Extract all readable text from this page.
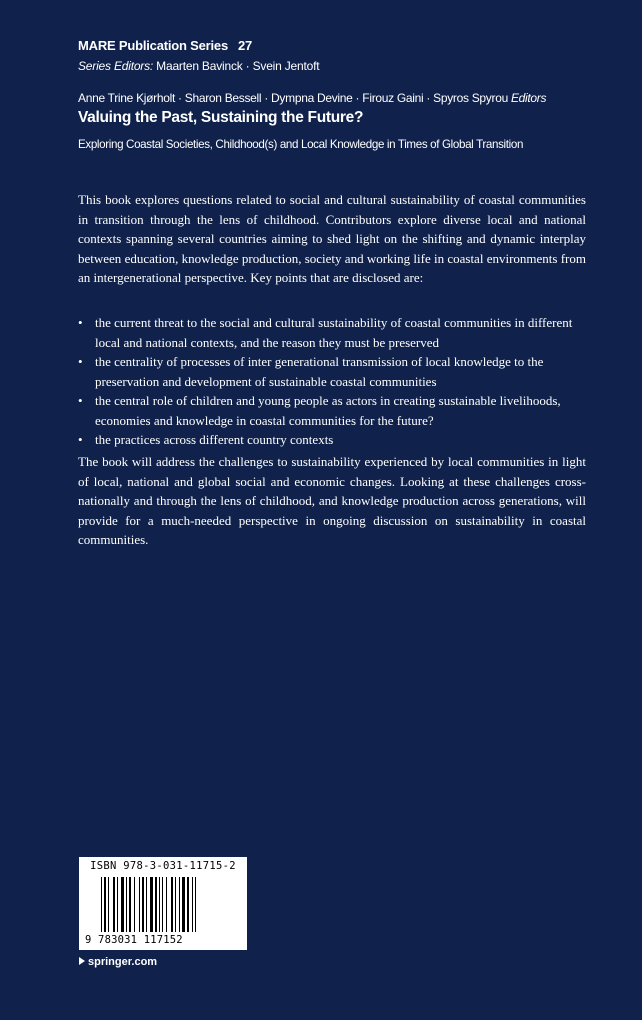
MARE Publication Series 27
Series Editors: Maarten Bavinck · Svein Jentoft
Anne Trine Kjørholt · Sharon Bessell · Dympna Devine · Firouz Gaini · Spyros Spyrou Editors
Valuing the Past, Sustaining the Future?
Exploring Coastal Societies, Childhood(s) and Local Knowledge in Times of Global Transition
This book explores questions related to social and cultural sustainability of coastal communities in transition through the lens of childhood. Contributors explore diverse local and national contexts spanning several countries aiming to shed light on the shifting and dynamic interplay between education, knowledge production, society and working life in coastal environments from an intergenerational perspective. Key points that are disclosed are:
• the current threat to the social and cultural sustainability of coastal communities in different local and national contexts, and the reason they must be preserved
• the centrality of processes of inter generational transmission of local knowledge to the preservation and development of sustainable coastal communities
• the central role of children and young people as actors in creating sustainable livelihoods, economies and knowledge in coastal communities for the future?
• the practices across different country contexts
The book will address the challenges to sustainability experienced by local communities in light of local, national and global social and economic changes. Looking at these challenges cross-nationally and through the lens of childhood, and knowledge production across generations, will provide for a much-needed perspective in ongoing discussion on sustainability in coastal communities.
ISBN 978-3-031-11715-2
9 783031 117152
springer.com
